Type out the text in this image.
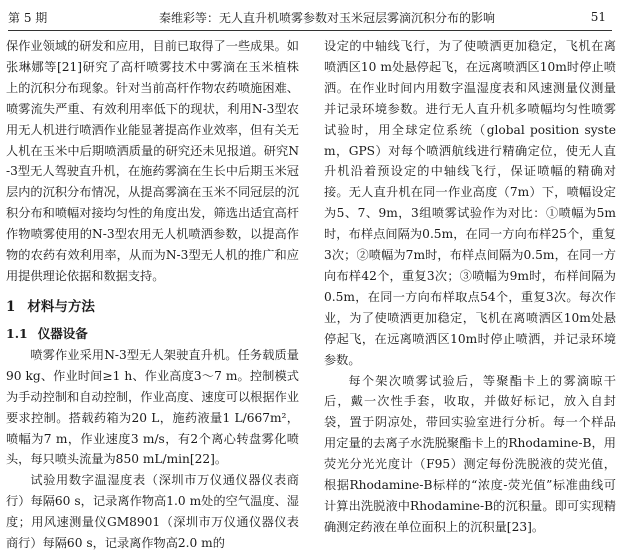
第 5 期	秦维彩等：无人直升机喷雾参数对玉米冠层雾滴沉积分布的影响	51

保作业领域的研发和应用，目前已取得了一些成果。如张琳娜等[21]研究了高杆喷雾技术中雾滴在玉米植株上的沉积分布现象。针对当前高杆作物农药喷施困难、喷雾流失严重、有效利用率低下的现状，利用N-3型农用无人机进行喷洒作业能显著提高作业效率，但有关无人机在玉米中后期喷洒质量的研究还未见报道。研究N-3型无人驾驶直升机，在施药雾滴在生长中后期玉米冠层内的沉积分布情况，从提高雾滴在玉米不同冠层的沉积分布和喷幅对接均匀性的角度出发，筛选出适宜高杆作物喷雾使用的N-3型农用无人机喷洒参数，以提高作物的农药有效利用率，从而为N-3型无人机的推广和应用提供理论依据和数据支持。

1 材料与方法

1.1 仪器设备

喷雾作业采用N-3型无人架驶直升机。任务载质量90 kg、作业时间≥1 h、作业高度3～7 m。控制模式为手动控制和自动控制，作业高度、速度可以根据作业要求控制。搭载药箱为20 L，施药液量1 L/667m²，喷幅为7 m，作业速度3 m/s，有2个离心转盘雾化喷头，每只喷头流量为850 mL/min[22]。

试验用数字温湿度表（深圳市万仪通仪器仪表商行）每隔60 s，记录离作物高1.0 m处的空气温度、湿度；用风速测量仪GM8901（深圳市万仪通仪器仪表商行）每隔60 s，记录离作物高2.0 m的

设定的中轴线飞行，为了使喷洒更加稳定，飞机在离喷洒区10 m处悬停起飞，在远离喷洒区10m时停止喷洒。在作业时间内用数字温湿度表和风速测量仪测量并记录环境参数。进行无人直升机多喷幅均匀性喷雾试验时，用全球定位系统（global position system，GPS）对每个喷洒航线进行精确定位，使无人直升机沿着预设定的中轴线飞行，保证喷幅的精确对接。无人直升机在同一作业高度（7m）下，喷幅设定为5、7、9m，3组喷雾试验作为对比：①喷幅为5m时，布样点间隔为0.5m，在同一方向布样25个，重复3次；②喷幅为7m时，布样点间隔为0.5m，在同一方向布样42个，重复3次；③喷幅为9m时，布样间隔为0.5m，在同一方向布样取点54个，重复3次。每次作业，为了使喷洒更加稳定，飞机在离喷洒区10m处悬停起飞，在远离喷洒区10m时停止喷洒，并记录环境参数。

每个架次喷雾试验后，等聚酯卡上的雾滴晾干后，戴一次性手套，收取，并做好标记，放入自封袋，置于阴凉处，带回实验室进行分析。每一个样品用定量的去离子水洗脱聚酯卡上的Rhodamine-B，用荧光分光光度计（F95）测定每份洗脱液的荧光值，根据Rhodamine-B标样的“浓度-荧光值”标准曲线可计算出洗脱液中Rhodamine-B的沉积量。即可实现精确测定药液在单位面积上的沉积量[23]。
